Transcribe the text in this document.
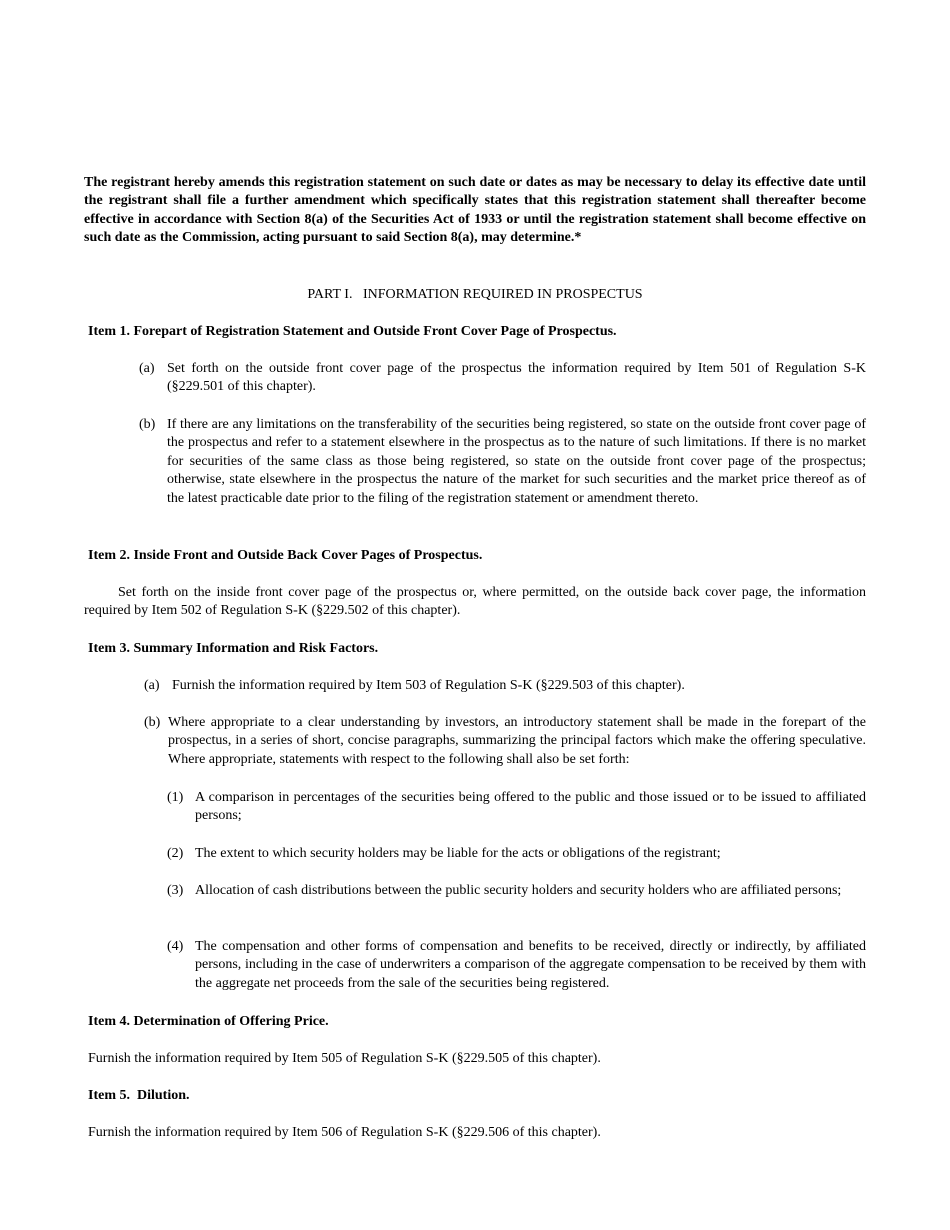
The registrant hereby amends this registration statement on such date or dates as may be necessary to delay its effective date until the registrant shall file a further amendment which specifically states that this registration statement shall thereafter become effective in accordance with Section 8(a) of the Securities Act of 1933 or until the registration statement shall become effective on such date as the Commission, acting pursuant to said Section 8(a), may determine.*

PART I.   INFORMATION REQUIRED IN PROSPECTUS

Item 1. Forepart of Registration Statement and Outside Front Cover Page of Prospectus.

(a) Set forth on the outside front cover page of the prospectus the information required by Item 501 of Regulation S-K (§229.501 of this chapter).

(b) If there are any limitations on the transferability of the securities being registered, so state on the outside front cover page of the prospectus and refer to a statement elsewhere in the prospectus as to the nature of such limitations. If there is no market for securities of the same class as those being registered, so state on the outside front cover page of the prospectus; otherwise, state elsewhere in the prospectus the nature of the market for such securities and the market price thereof as of the latest practicable date prior to the filing of the registration statement or amendment thereto.

Item 2. Inside Front and Outside Back Cover Pages of Prospectus.

Set forth on the inside front cover page of the prospectus or, where permitted, on the outside back cover page, the information required by Item 502 of Regulation S-K (§229.502 of this chapter).

Item 3. Summary Information and Risk Factors.

(a) Furnish the information required by Item 503 of Regulation S-K (§229.503 of this chapter).

(b) Where appropriate to a clear understanding by investors, an introductory statement shall be made in the forepart of the prospectus, in a series of short, concise paragraphs, summarizing the principal factors which make the offering speculative. Where appropriate, statements with respect to the following shall also be set forth:

(1) A comparison in percentages of the securities being offered to the public and those issued or to be issued to affiliated persons;

(2) The extent to which security holders may be liable for the acts or obligations of the registrant;

(3) Allocation of cash distributions between the public security holders and security holders who are affiliated persons;

(4) The compensation and other forms of compensation and benefits to be received, directly or indirectly, by affiliated persons, including in the case of underwriters a comparison of the aggregate compensation to be received by them with the aggregate net proceeds from the sale of the securities being registered.

Item 4. Determination of Offering Price.

Furnish the information required by Item 505 of Regulation S-K (§229.505 of this chapter).

Item 5.  Dilution.

Furnish the information required by Item 506 of Regulation S-K (§229.506 of this chapter).
